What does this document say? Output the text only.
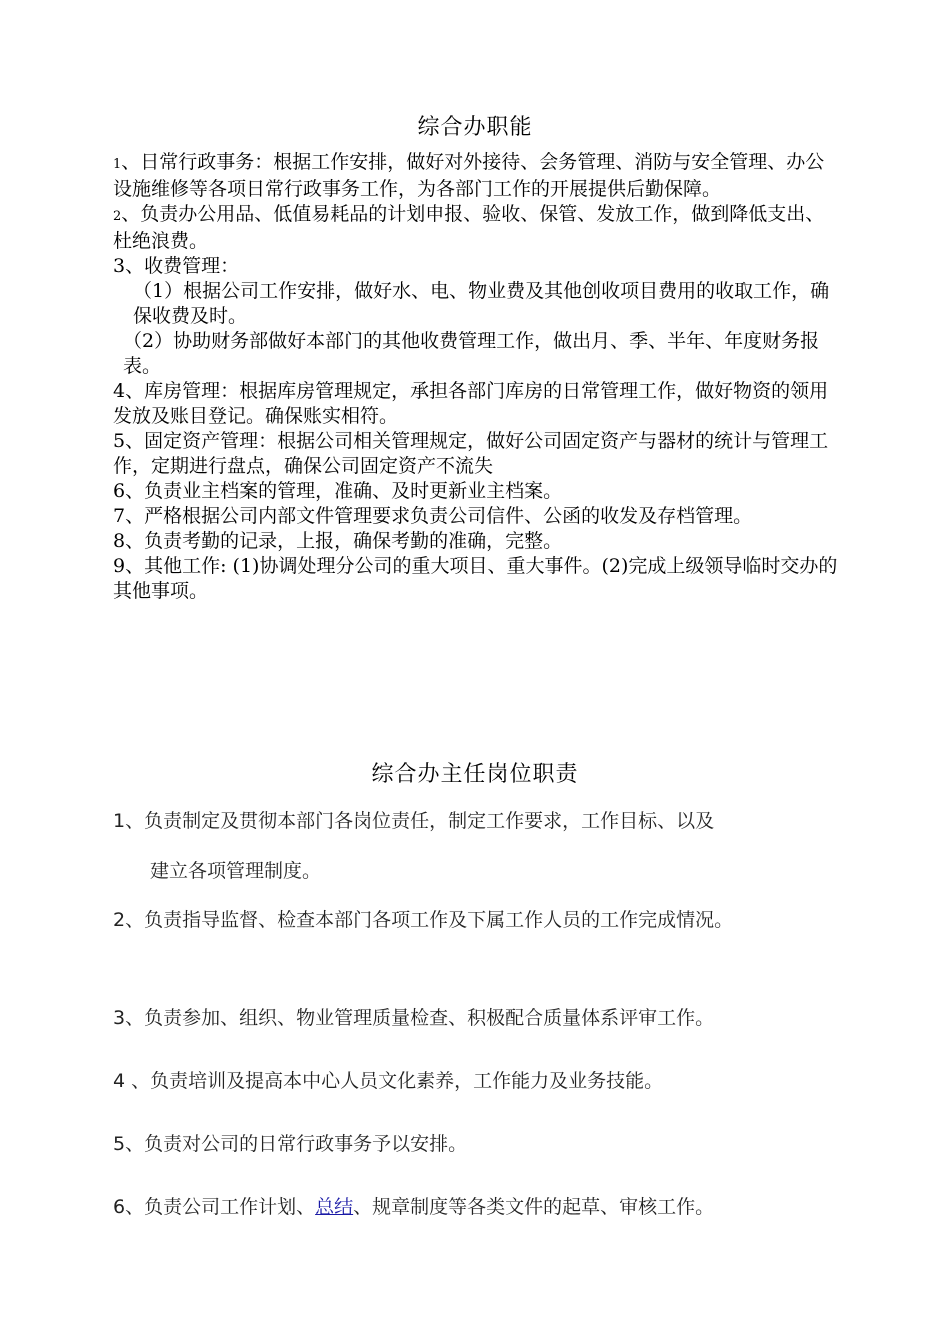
综合办职能

1、日常行政事务：根据工作安排，做好对外接待、会务管理、消防与安全管理、办公设施维修等各项日常行政事务工作，为各部门工作的开展提供后勤保障。

2、负责办公用品、低值易耗品的计划申报、验收、保管、发放工作，做到降低支出、杜绝浪费。

3、收费管理：

（1）根据公司工作安排，做好水、电、物业费及其他创收项目费用的收取工作，确保收费及时。

（2）协助财务部做好本部门的其他收费管理工作，做出月、季、半年、年度财务报表。

4、库房管理：根据库房管理规定，承担各部门库房的日常管理工作，做好物资的领用发放及账目登记。确保账实相符。

5、固定资产管理：根据公司相关管理规定，做好公司固定资产与器材的统计与管理工作，定期进行盘点，确保公司固定资产不流失

6、负责业主档案的管理，准确、及时更新业主档案。

7、严格根据公司内部文件管理要求负责公司信件、公函的收发及存档管理。

8、负责考勤的记录，上报，确保考勤的准确，完整。

9、其他工作: (1)协调处理分公司的重大项目、重大事件。(2)完成上级领导临时交办的其他事项。

综合办主任岗位职责
1、负责制定及贯彻本部门各岗位责任，制定工作要求，工作目标、以及
建立各项管理制度。
2、负责指导监督、检查本部门各项工作及下属工作人员的工作完成情况。
3、负责参加、组织、物业管理质量检查、积极配合质量体系评审工作。
4 、负责培训及提高本中心人员文化素养，工作能力及业务技能。
5、负责对公司的日常行政事务予以安排。
6、负责公司工作计划、总结、规章制度等各类文件的起草、审核工作。
